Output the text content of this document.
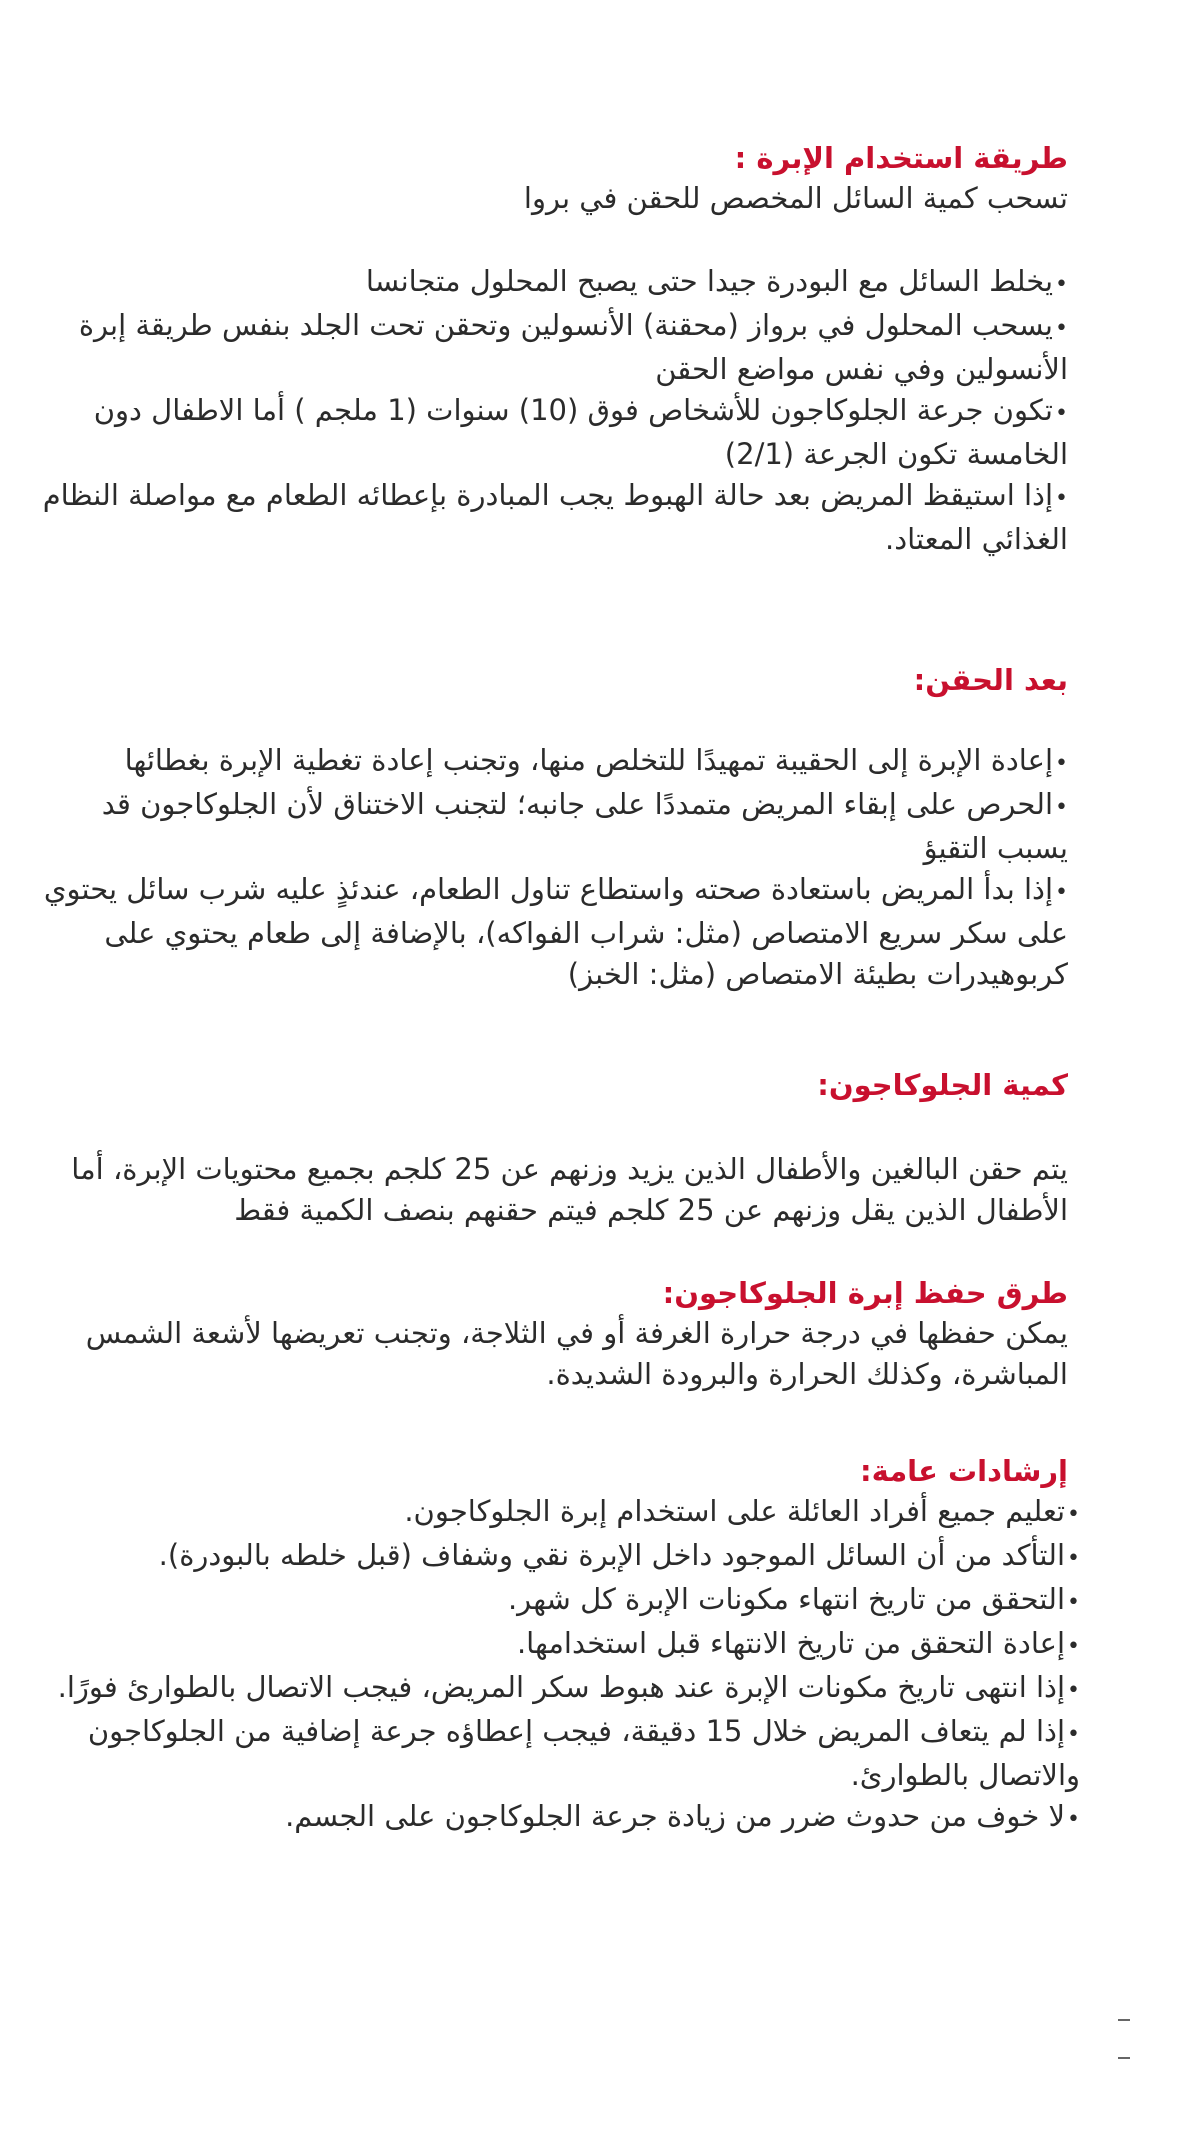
طريقة استخدام الإبرة :

تسحب كمية السائل المخصص للحقن في بروا

•يخلط السائل مع البودرة جيدا حتى يصبح المحلول متجانسا
•يسحب المحلول في برواز (محقنة) الأنسولين وتحقن تحت الجلد بنفس طريقة إبرة الأنسولين وفي نفس مواضع الحقن
•تكون جرعة الجلوكاجون للأشخاص فوق (10) سنوات (1 ملجم ) أما الاطفال دون الخامسة تكون الجرعة (2/1)
•إذا استيقظ المريض بعد حالة الهبوط يجب المبادرة بإعطائه الطعام مع مواصلة النظام الغذائي المعتاد.
بعد الحقن:
•إعادة الإبرة إلى الحقيبة تمهيدًا للتخلص منها، وتجنب إعادة تغطية الإبرة بغطائها
•الحرص على إبقاء المريض متمددًا على جانبه؛ لتجنب الاختناق لأن الجلوكاجون قد يسبب التقيؤ
•إذا بدأ المريض باستعادة صحته واستطاع تناول الطعام، عندئذٍ عليه شرب سائل يحتوي على سكر سريع الامتصاص (مثل: شراب الفواكه)، بالإضافة إلى طعام يحتوي على كربوهيدرات بطيئة الامتصاص (مثل: الخبز)
كمية الجلوكاجون:

يتم حقن البالغين والأطفال الذين يزيد وزنهم عن 25 كلجم بجميع محتويات الإبرة، أما الأطفال الذين يقل وزنهم عن 25 كلجم فيتم حقنهم بنصف الكمية فقط

طرق حفظ إبرة الجلوكاجون:

يمكن حفظها في درجة حرارة الغرفة أو في الثلاجة، وتجنب تعريضها لأشعة الشمس المباشرة، وكذلك الحرارة والبرودة الشديدة.

إرشادات عامة:
•تعليم جميع أفراد العائلة على استخدام إبرة الجلوكاجون.
•التأكد من أن السائل الموجود داخل الإبرة نقي وشفاف (قبل خلطه بالبودرة).
•التحقق من تاريخ انتهاء مكونات الإبرة كل شهر.
•إعادة التحقق من تاريخ الانتهاء قبل استخدامها.
•إذا انتهى تاريخ مكونات الإبرة عند هبوط سكر المريض، فيجب الاتصال بالطوارئ فورًا.
•إذا لم يتعاف المريض خلال 15 دقيقة، فيجب إعطاؤه جرعة إضافية من الجلوكاجون والاتصال بالطوارئ.
•لا خوف من حدوث ضرر من زيادة جرعة الجلوكاجون على الجسم.
